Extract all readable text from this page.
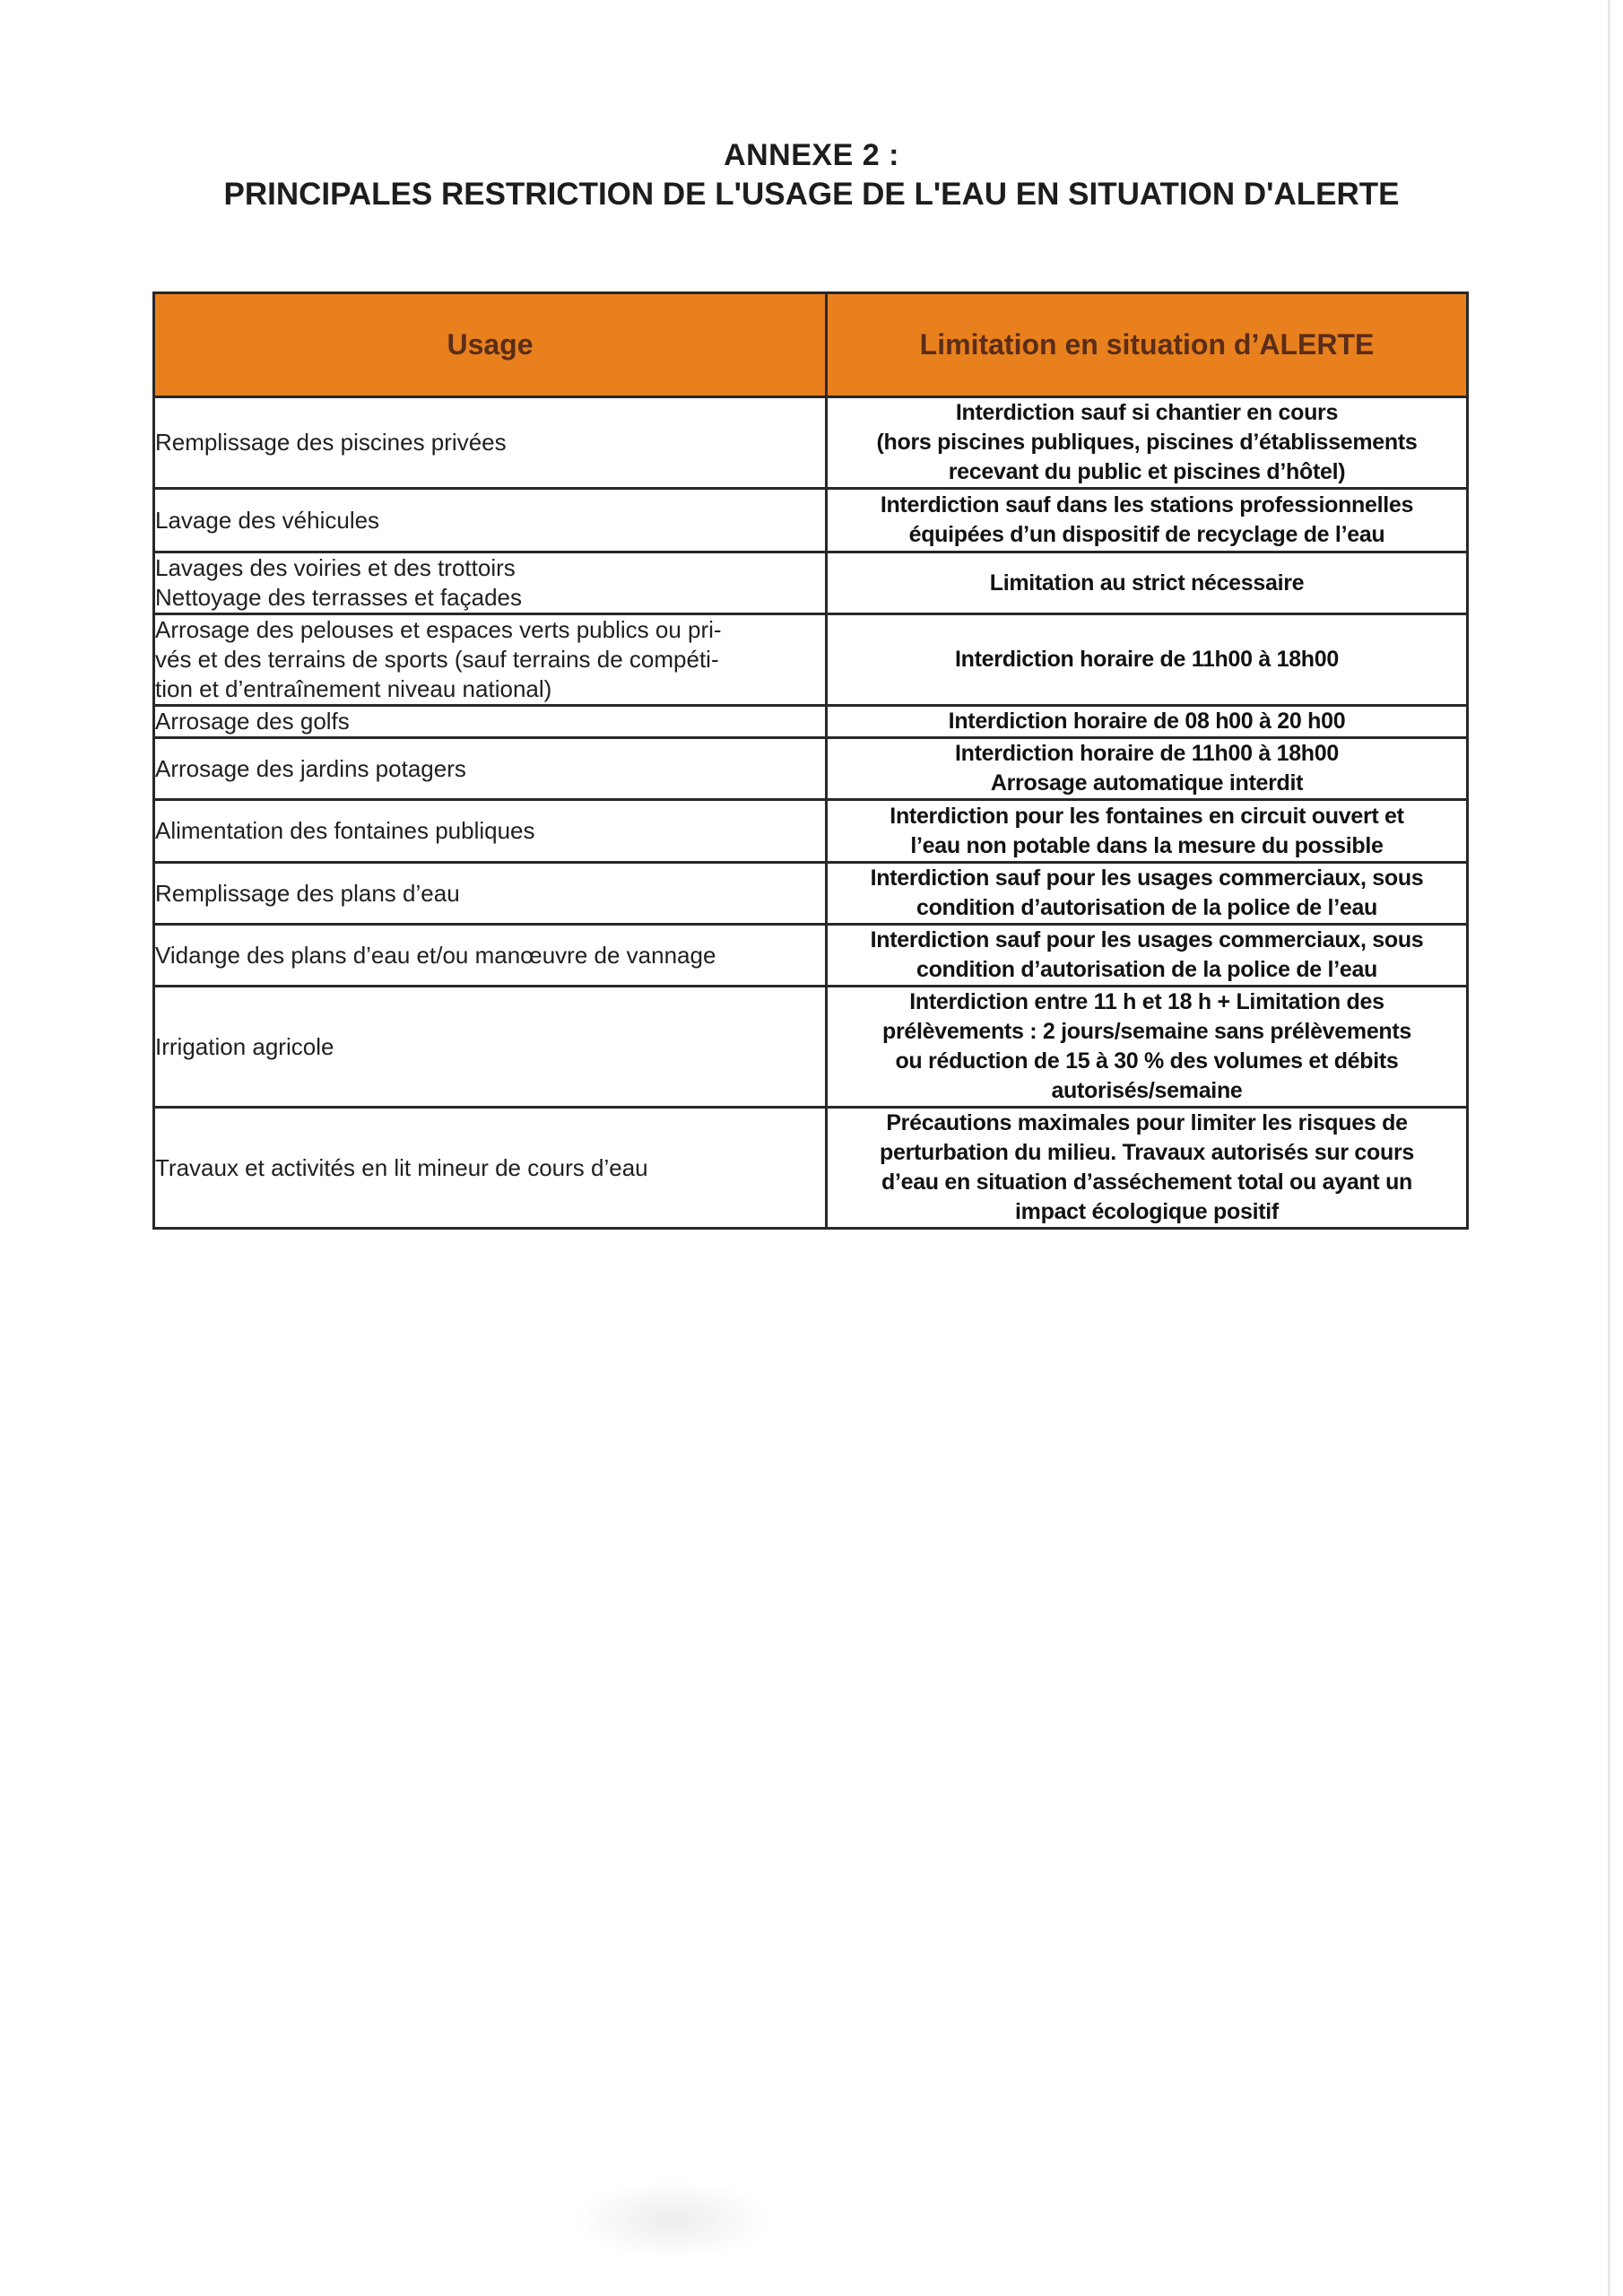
ANNEXE 2 :
PRINCIPALES RESTRICTION DE L'USAGE DE L'EAU EN SITUATION D'ALERTE
Usage	Limitation en situation d’ALERTE

Remplissage des piscines privées	Interdiction sauf si chantier en cours
(hors piscines publiques, piscines d’établissements
recevant du public et piscines d’hôtel)

Lavage des véhicules	Interdiction sauf dans les stations professionnelles
équipées d’un dispositif de recyclage de l’eau

Lavages des voiries et des trottoirs
Nettoyage des terrasses et façades	Limitation au strict nécessaire

Arrosage des pelouses et espaces verts publics ou pri-
vés et des terrains de sports (sauf terrains de compéti-
tion et d’entraînement niveau national)	Interdiction horaire de 11h00 à 18h00

Arrosage des golfs	Interdiction horaire de 08 h00 à 20 h00

Arrosage des jardins potagers	Interdiction horaire de 11h00 à 18h00
Arrosage automatique interdit

Alimentation des fontaines publiques	Interdiction pour les fontaines en circuit ouvert et
l’eau non potable dans la mesure du possible

Remplissage des plans d’eau	Interdiction sauf pour les usages commerciaux, sous
condition d’autorisation de la police de l’eau

Vidange des plans d’eau et/ou manœuvre de vannage	Interdiction sauf pour les usages commerciaux, sous
condition d’autorisation de la police de l’eau

Irrigation agricole	Interdiction entre 11 h et 18 h + Limitation des
prélèvements : 2 jours/semaine sans prélèvements
ou réduction de 15 à 30 % des volumes et débits
autorisés/semaine

Travaux et activités en lit mineur de cours d’eau	Précautions maximales pour limiter les risques de
perturbation du milieu. Travaux autorisés sur cours
d’eau en situation d’asséchement total ou ayant un
impact écologique positif
